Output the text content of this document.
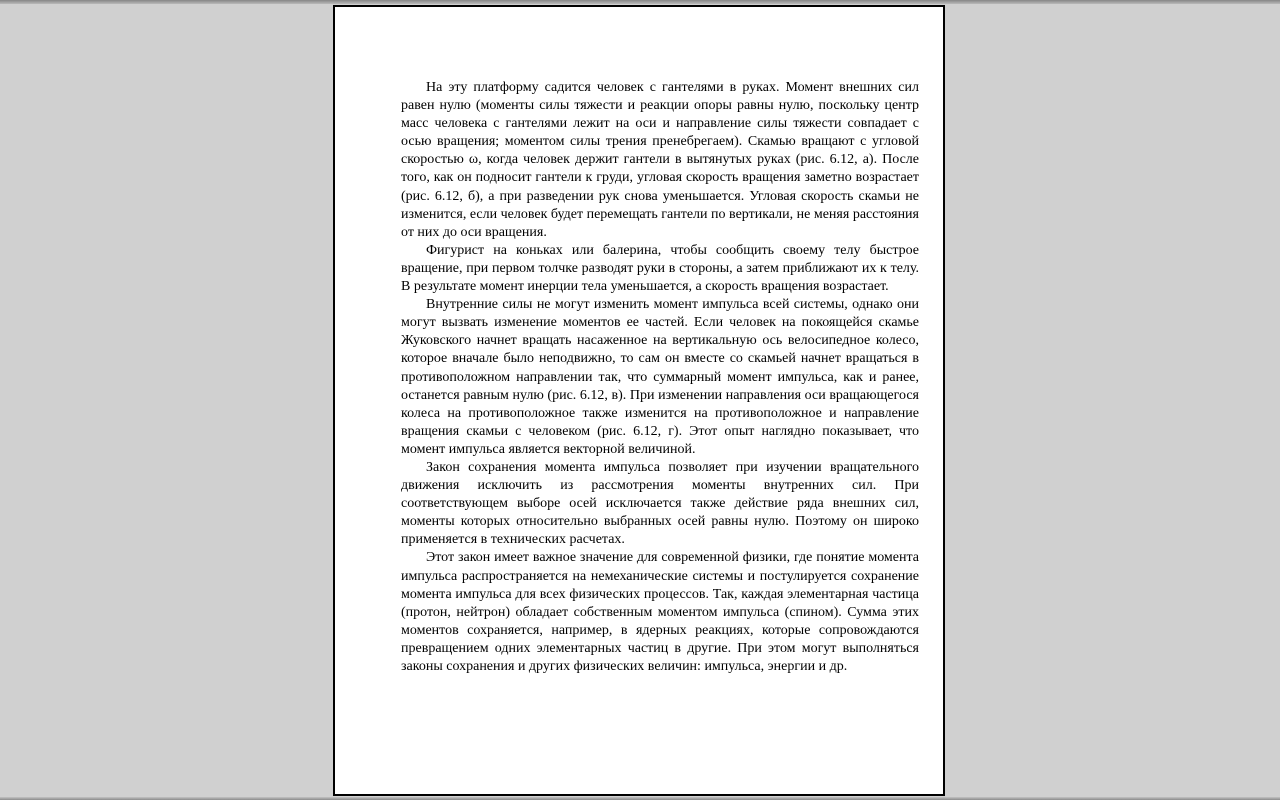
На эту платформу садится человек с гантелями в руках. Момент внешних сил равен нулю (моменты силы тяжести и реакции опоры равны нулю, поскольку центр масс человека с гантелями лежит на оси и направление силы тяжести совпадает с осью вращения; моментом силы трения пренебрегаем). Скамью вращают с угловой скоростью ω, когда человек держит гантели в вытянутых руках (рис. 6.12, а). После того, как он подносит гантели к груди, угловая скорость вращения заметно возрастает (рис. 6.12, б), а при разведении рук снова уменьшается. Угловая скорость скамьи не изменится, если человек будет перемещать гантели по вертикали, не меняя расстояния от них до оси вращения.

Фигурист на коньках или балерина, чтобы сообщить своему телу быстрое вращение, при первом толчке разводят руки в стороны, а затем приближают их к телу. В результате момент инерции тела уменьшается, а скорость вращения возрастает.

Внутренние силы не могут изменить момент импульса всей системы, однако они могут вызвать изменение моментов ее частей. Если человек на покоящейся скамье Жуковского начнет вращать насаженное на вертикальную ось велосипедное колесо, которое вначале было неподвижно, то сам он вместе со скамьей начнет вращаться в противоположном направлении так, что суммарный момент импульса, как и ранее, останется равным нулю (рис. 6.12, в). При изменении направления оси вращающегося колеса на противоположное также изменится на противоположное и направление вращения скамьи с человеком (рис. 6.12, г). Этот опыт наглядно показывает, что момент импульса является векторной величиной.

Закон сохранения момента импульса позволяет при изучении вращательного движения исключить из рассмотрения моменты внутренних сил. При соответствующем выборе осей исключается также действие ряда внешних сил, моменты которых относительно выбранных осей равны нулю. Поэтому он широко применяется в технических расчетах.

Этот закон имеет важное значение для современной физики, где понятие момента импульса распространяется на немеханические системы и постулируется сохранение момента импульса для всех физических процессов. Так, каждая элементарная частица (протон, нейтрон) обладает собственным моментом импульса (спином). Сумма этих моментов сохраняется, например, в ядерных реакциях, которые сопровождаются превращением одних элементарных частиц в другие. При этом могут выполняться законы сохранения и других физических величин: импульса, энергии и др.
